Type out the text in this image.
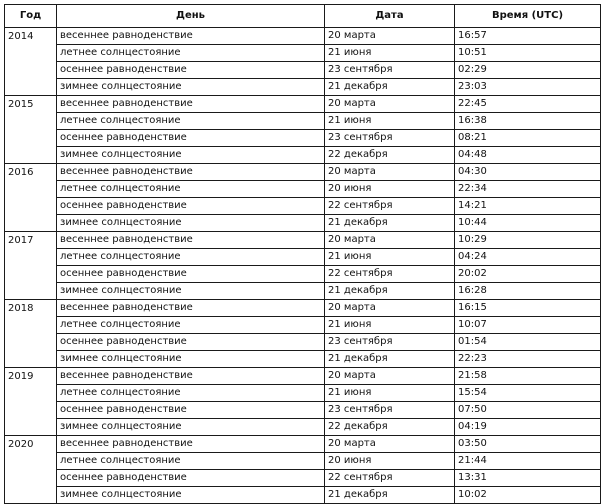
Год	День	Дата	Время (UTC)
2014	весеннее равноденствие	20 марта	16:57
	летнее солнцестояние	21 июня	10:51
	осеннее равноденствие	23 сентября	02:29
	зимнее солнцестояние	21 декабря	23:03
2015	весеннее равноденствие	20 марта	22:45
	летнее солнцестояние	21 июня	16:38
	осеннее равноденствие	23 сентября	08:21
	зимнее солнцестояние	22 декабря	04:48
2016	весеннее равноденствие	20 марта	04:30
	летнее солнцестояние	20 июня	22:34
	осеннее равноденствие	22 сентября	14:21
	зимнее солнцестояние	21 декабря	10:44
2017	весеннее равноденствие	20 марта	10:29
	летнее солнцестояние	21 июня	04:24
	осеннее равноденствие	22 сентября	20:02
	зимнее солнцестояние	21 декабря	16:28
2018	весеннее равноденствие	20 марта	16:15
	летнее солнцестояние	21 июня	10:07
	осеннее равноденствие	23 сентября	01:54
	зимнее солнцестояние	21 декабря	22:23
2019	весеннее равноденствие	20 марта	21:58
	летнее солнцестояние	21 июня	15:54
	осеннее равноденствие	23 сентября	07:50
	зимнее солнцестояние	22 декабря	04:19
2020	весеннее равноденствие	20 марта	03:50
	летнее солнцестояние	20 июня	21:44
	осеннее равноденствие	22 сентября	13:31
	зимнее солнцестояние	21 декабря	10:02
